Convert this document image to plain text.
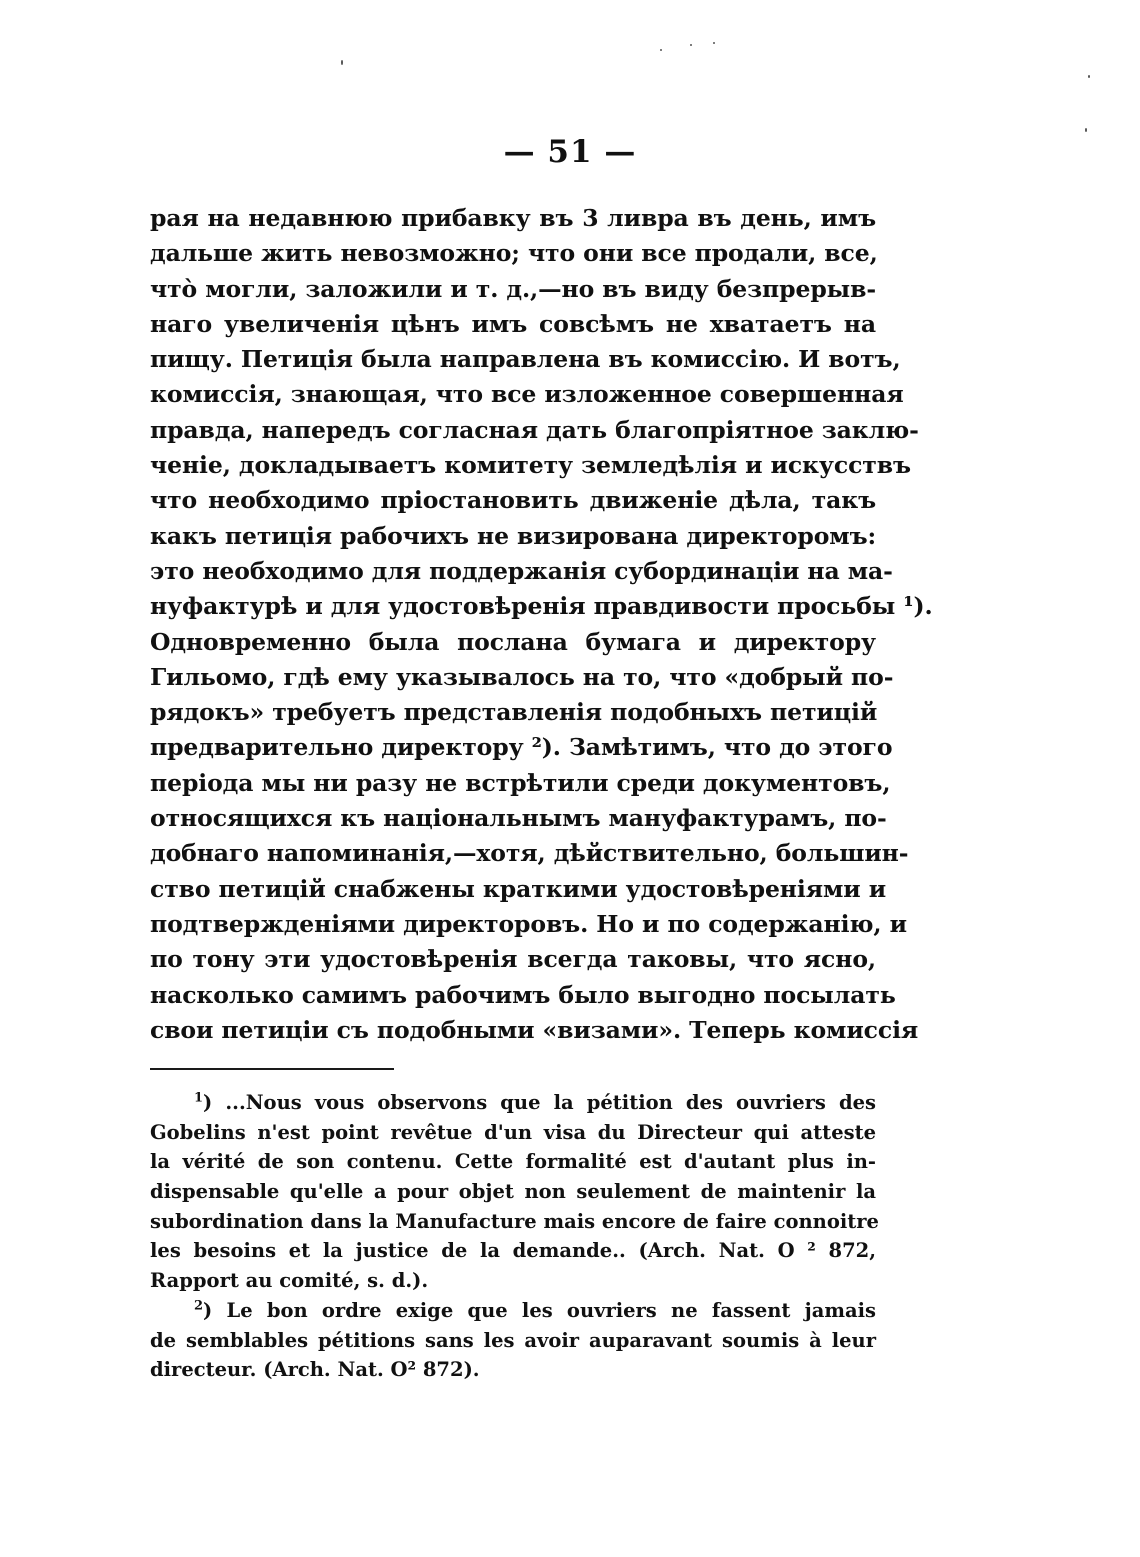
— 51 —
рая на недавнюю прибавку въ 3 ливра въ день, имъ
дальше жить невозможно; что они все продали, все,
что̀ могли, заложили и т. д.,—но въ виду безпрерыв-
наго увеличенія цѣнъ имъ совсѣмъ не хватаетъ на
пищу. Петиція была направлена въ комиссію. И вотъ,
комиссія, знающая, что все изложенное совершенная
правда, напередъ согласная дать благопріятное заклю-
ченіе, докладываетъ комитету земледѣлія и искусствъ
что необходимо пріостановить движеніе дѣла, такъ
какъ петиція рабочихъ не визирована директоромъ:
это необходимо для поддержанія субординаціи на ма-
нуфактурѣ и для удостовѣренія правдивости просьбы ¹).
Одновременно была послана бумага и директору
Гильомо, гдѣ ему указывалось на то, что «добрый по-
рядокъ» требуетъ представленія подобныхъ петицій
предварительно директору ²). Замѣтимъ, что до этого
періода мы ни разу не встрѣтили среди документовъ,
относящихся къ національнымъ мануфактурамъ, по-
добнаго напоминанія,—хотя, дѣйствительно, большин-
ство петицій снабжены краткими удостовѣреніями и
подтвержденіями директоровъ. Но и по содержанію, и
по тону эти удостовѣренія всегда таковы, что ясно,
насколько самимъ рабочимъ было выгодно посылать
свои петиціи съ подобными «визами». Теперь комиссія
$^1$) ...Nous vous observons que la pétition des ouvriers des
Gobelins n'est point revêtue d'un visa du Directeur qui atteste
la vérité de son contenu. Cette formalité est d'autant plus in-
dispensable qu'elle a pour objet non seulement de maintenir la
subordination dans la Manufacture mais encore de faire connoitre
les besoins et la justice de la demande.. (Arch. Nat. O ² 872,
Rapport au comité, s. d.).
$^2$) Le bon ordre exige que les ouvriers ne fassent jamais
de semblables pétitions sans les avoir auparavant soumis à leur
directeur. (Arch. Nat. O² 872).
